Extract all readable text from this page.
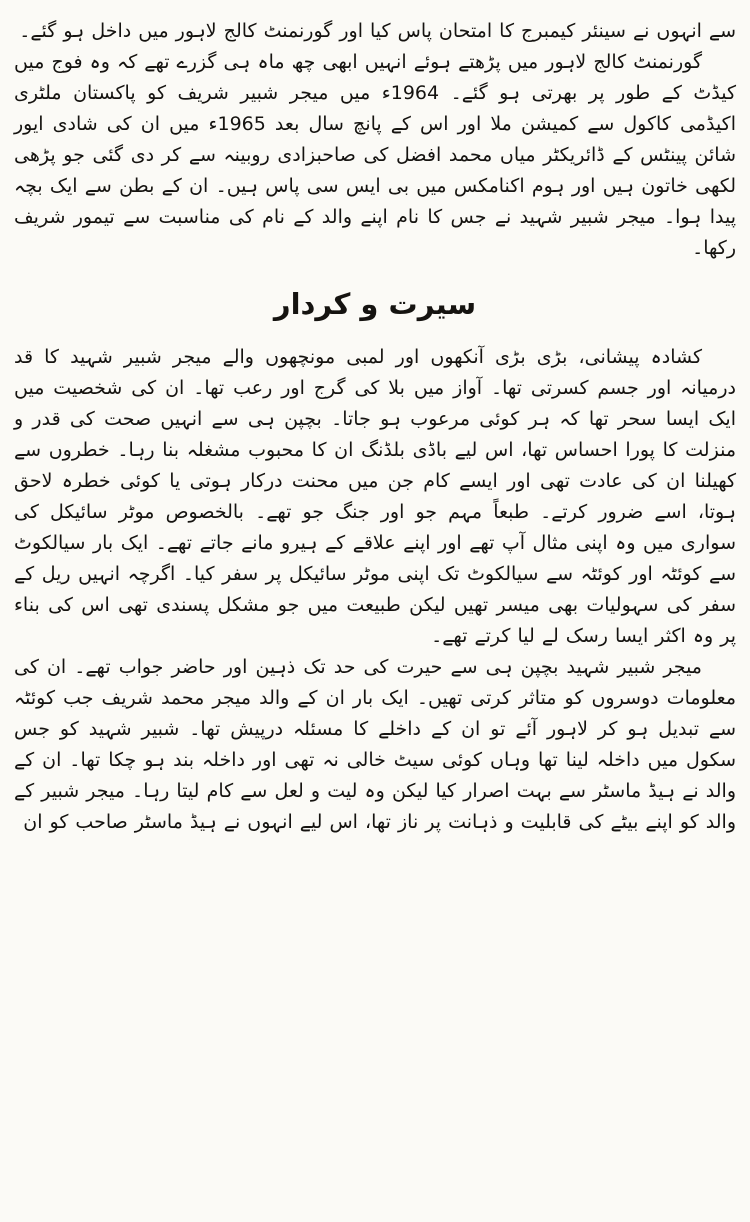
سے انہوں نے سینئر کیمبرج کا امتحان پاس کیا اور گورنمنٹ کالج لاہور میں داخل ہو گئے۔

گورنمنٹ کالج لاہور میں پڑھتے ہوئے انہیں ابھی چھ ماہ ہی گزرے تھے کہ وہ فوج میں کیڈٹ کے طور پر بھرتی ہو گئے۔ 1964ء میں میجر شبیر شریف کو پاکستان ملٹری اکیڈمی کاکول سے کمیشن ملا اور اس کے پانچ سال بعد 1965ء میں ان کی شادی ایور شائن پینٹس کے ڈائریکٹر میاں محمد افضل کی صاحبزادی روبینہ سے کر دی گئی جو پڑھی لکھی خاتون ہیں اور ہوم اکنامکس میں بی ایس سی پاس ہیں۔ ان کے بطن سے ایک بچہ پیدا ہوا۔ میجر شبیر شہید نے جس کا نام اپنے والد کے نام کی مناسبت سے تیمور شریف رکھا۔

سیرت و کردار

کشادہ پیشانی، بڑی بڑی آنکھوں اور لمبی مونچھوں والے میجر شبیر شہید کا قد درمیانہ اور جسم کسرتی تھا۔ آواز میں بلا کی گرج اور رعب تھا۔ ان کی شخصیت میں ایک ایسا سحر تھا کہ ہر کوئی مرعوب ہو جاتا۔ بچپن ہی سے انہیں صحت کی قدر و منزلت کا پورا احساس تھا، اس لیے باڈی بلڈنگ ان کا محبوب مشغلہ بنا رہا۔ خطروں سے کھیلنا ان کی عادت تھی اور ایسے کام جن میں محنت درکار ہوتی یا کوئی خطرہ لاحق ہوتا، اسے ضرور کرتے۔ طبعاً مہم جو اور جنگ جو تھے۔ بالخصوص موٹر سائیکل کی سواری میں وہ اپنی مثال آپ تھے اور اپنے علاقے کے ہیرو مانے جاتے تھے۔ ایک بار سیالکوٹ سے کوئٹہ اور کوئٹہ سے سیالکوٹ تک اپنی موٹر سائیکل پر سفر کیا۔ اگرچہ انہیں ریل کے سفر کی سہولیات بھی میسر تھیں لیکن طبیعت میں جو مشکل پسندی تھی اس کی بناء پر وہ اکثر ایسا رسک لے لیا کرتے تھے۔

میجر شبیر شہید بچپن ہی سے حیرت کی حد تک ذہین اور حاضر جواب تھے۔ ان کی معلومات دوسروں کو متاثر کرتی تھیں۔ ایک بار ان کے والد میجر محمد شریف جب کوئٹہ سے تبدیل ہو کر لاہور آئے تو ان کے داخلے کا مسئلہ درپیش تھا۔ شبیر شہید کو جس سکول میں داخلہ لینا تھا وہاں کوئی سیٹ خالی نہ تھی اور داخلہ بند ہو چکا تھا۔ ان کے والد نے ہیڈ ماسٹر سے بہت اصرار کیا لیکن وہ لیت و لعل سے کام لیتا رہا۔ میجر شبیر کے والد کو اپنے بیٹے کی قابلیت و ذہانت پر ناز تھا، اس لیے انہوں نے ہیڈ ماسٹر صاحب کو ان
